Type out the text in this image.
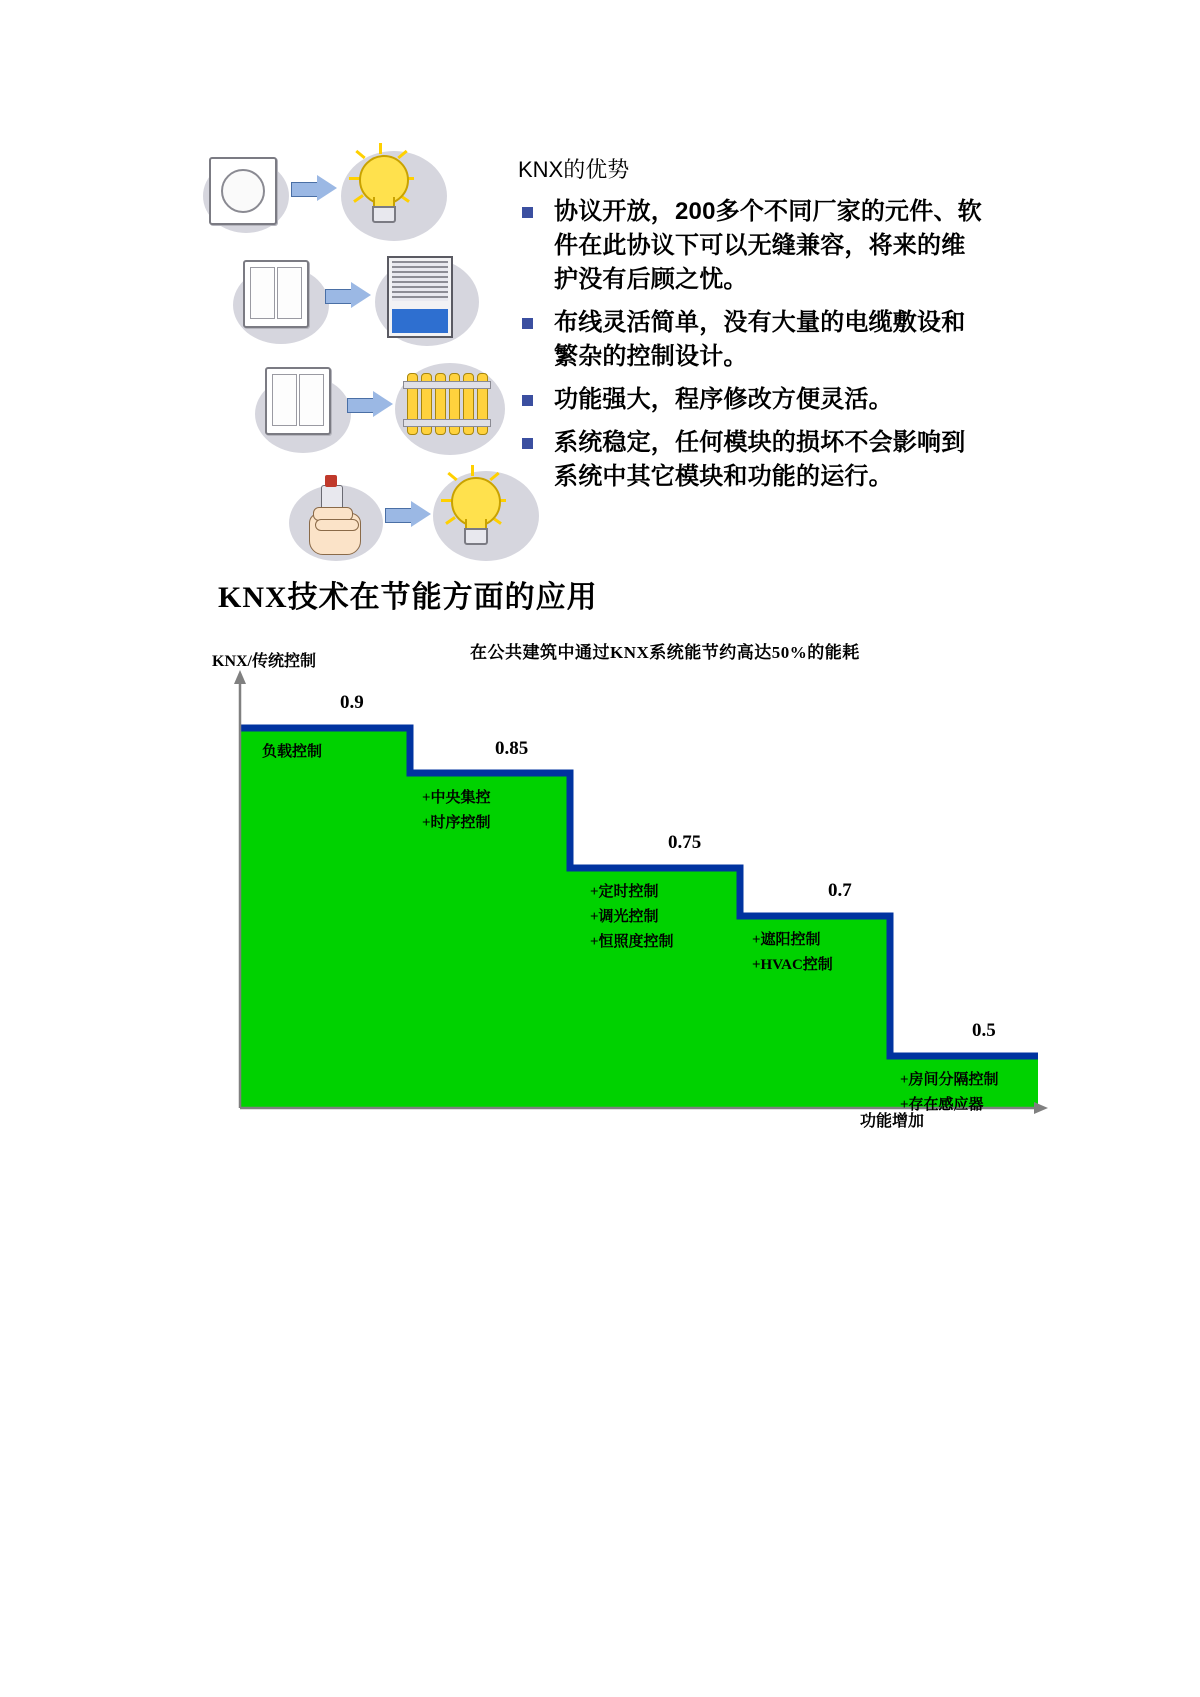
KNX的优势
协议开放，200多个不同厂家的元件、软件在此协议下可以无缝兼容，将来的维护没有后顾之忧。
布线灵活简单，没有大量的电缆敷设和繁杂的控制设计。
功能强大，程序修改方便灵活。
系统稳定，任何模块的损坏不会影响到系统中其它模块和功能的运行。
KNX技术在节能方面的应用
在公共建筑中通过KNX系统能节约高达50%的能耗
KNX/传统控制
功能增加
0.9
0.85
0.75
0.7
0.5
负载控制
+中央集控
+时序控制
+定时控制
+调光控制
+恒照度控制	+遮阳控制
+HVAC控制
+房间分隔控制
+存在感应器
